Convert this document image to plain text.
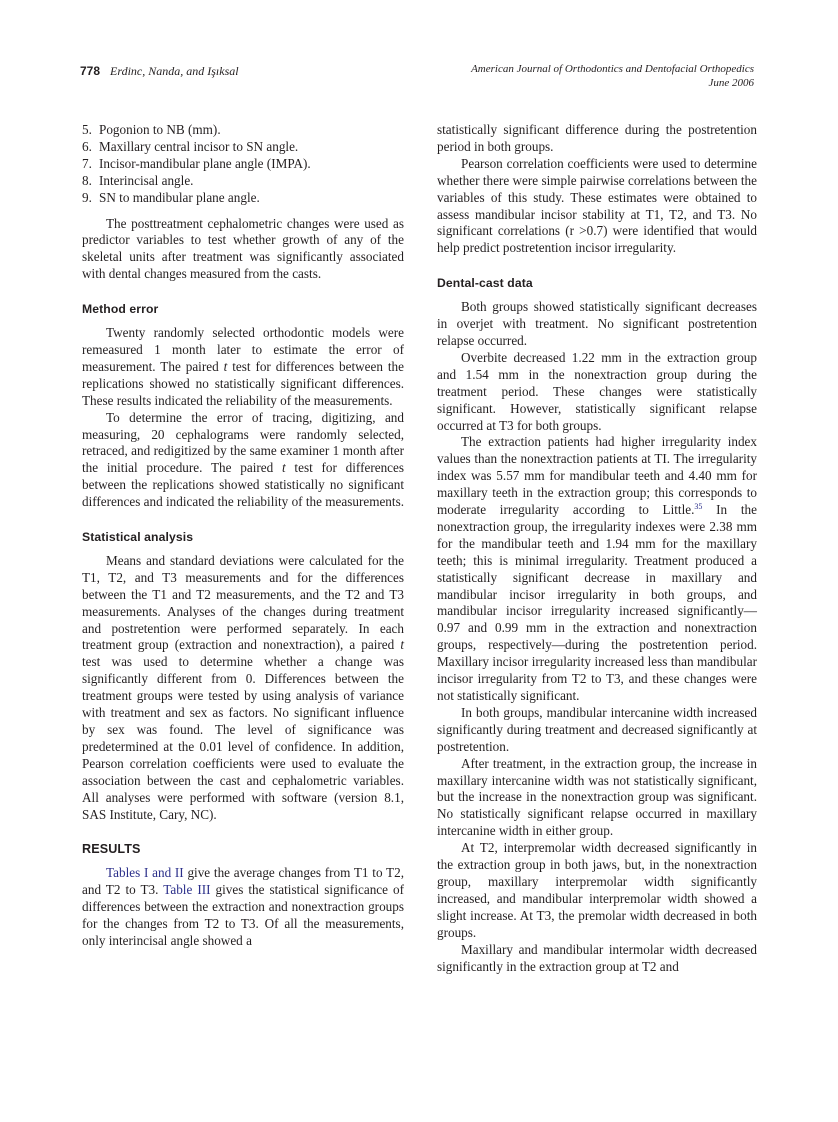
778 Erdinc, Nanda, and Işıksal	American Journal of Orthodontics and Dentofacial Orthopedics
June 2006
5. Pogonion to NB (mm).
6. Maxillary central incisor to SN angle.
7. Incisor-mandibular plane angle (IMPA).
8. Interincisal angle.
9. SN to mandibular plane angle.

The posttreatment cephalometric changes were used as predictor variables to test whether growth of any of the skeletal units after treatment was significantly associated with dental changes measured from the casts.

Method error

Twenty randomly selected orthodontic models were remeasured 1 month later to estimate the error of measurement. The paired t test for differences between the replications showed no statistically significant differences. These results indicated the reliability of the measurements.

To determine the error of tracing, digitizing, and measuring, 20 cephalograms were randomly selected, retraced, and redigitized by the same examiner 1 month after the initial procedure. The paired t test for differences between the replications showed statistically no significant differences and indicated the reliability of the measurements.

Statistical analysis

Means and standard deviations were calculated for the T1, T2, and T3 measurements and for the differences between the T1 and T2 measurements, and the T2 and T3 measurements. Analyses of the changes during treatment and postretention were performed separately. In each treatment group (extraction and nonextraction), a paired t test was used to determine whether a change was significantly different from 0. Differences between the treatment groups were tested by using analysis of variance with treatment and sex as factors. No significant influence by sex was found. The level of significance was predetermined at the 0.01 level of confidence. In addition, Pearson correlation coefficients were used to evaluate the association between the cast and cephalometric variables. All analyses were performed with software (version 8.1, SAS Institute, Cary, NC).

RESULTS

Tables I and II give the average changes from T1 to T2, and T2 to T3. Table III gives the statistical significance of differences between the extraction and nonextraction groups for the changes from T2 to T3. Of all the measurements, only interincisal angle showed a

statistically significant difference during the postretention period in both groups.

Pearson correlation coefficients were used to determine whether there were simple pairwise correlations between the variables of this study. These estimates were obtained to assess mandibular incisor stability at T1, T2, and T3. No significant correlations (r >0.7) were identified that would help predict postretention incisor irregularity.

Dental-cast data

Both groups showed statistically significant decreases in overjet with treatment. No significant postretention relapse occurred.

Overbite decreased 1.22 mm in the extraction group and 1.54 mm in the nonextraction group during the treatment period. These changes were statistically significant. However, statistically significant relapse occurred at T3 for both groups.

The extraction patients had higher irregularity index values than the nonextraction patients at TI. The irregularity index was 5.57 mm for mandibular teeth and 4.40 mm for maxillary teeth in the extraction group; this corresponds to moderate irregularity according to Little.$^{35}$ In the nonextraction group, the irregularity indexes were 2.38 mm for the mandibular teeth and 1.94 mm for the maxillary teeth; this is minimal irregularity. Treatment produced a statistically significant decrease in maxillary and mandibular incisor irregularity in both groups, and mandibular incisor irregularity increased significantly—0.97 and 0.99 mm in the extraction and nonextraction groups, respectively—during the postretention period. Maxillary incisor irregularity increased less than mandibular incisor irregularity from T2 to T3, and these changes were not statistically significant.

In both groups, mandibular intercanine width increased significantly during treatment and decreased significantly at postretention.

After treatment, in the extraction group, the increase in maxillary intercanine width was not statistically significant, but the increase in the nonextraction group was significant. No statistically significant relapse occurred in maxillary intercanine width in either group.

At T2, interpremolar width decreased significantly in the extraction group in both jaws, but, in the nonextraction group, maxillary interpremolar width significantly increased, and mandibular interpremolar width showed a slight increase. At T3, the premolar width decreased in both groups.

Maxillary and mandibular intermolar width decreased significantly in the extraction group at T2 and
